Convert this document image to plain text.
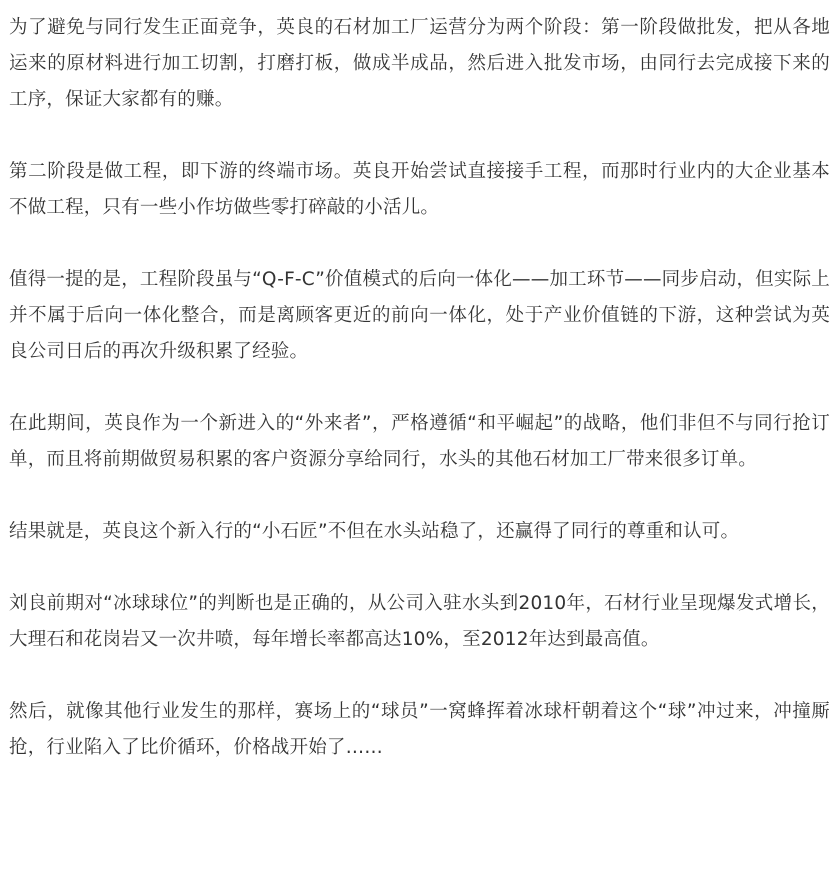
为了避免与同行发生正面竞争，英良的石材加工厂运营分为两个阶段：第一阶段做批发，把从各地运来的原材料进行加工切割，打磨打板，做成半成品，然后进入批发市场，由同行去完成接下来的工序，保证大家都有的赚。

第二阶段是做工程，即下游的终端市场。英良开始尝试直接接手工程，而那时行业内的大企业基本不做工程，只有一些小作坊做些零打碎敲的小活儿。

值得一提的是，工程阶段虽与“Q-F-C”价值模式的后向一体化——加工环节——同步启动，但实际上并不属于后向一体化整合，而是离顾客更近的前向一体化，处于产业价值链的下游，这种尝试为英良公司日后的再次升级积累了经验。

在此期间，英良作为一个新进入的“外来者”，严格遵循“和平崛起”的战略，他们非但不与同行抢订单，而且将前期做贸易积累的客户资源分享给同行，水头的其他石材加工厂带来很多订单。

结果就是，英良这个新入行的“小石匠”不但在水头站稳了，还赢得了同行的尊重和认可。

刘良前期对“冰球球位”的判断也是正确的，从公司入驻水头到2010年，石材行业呈现爆发式增长，大理石和花岗岩又一次井喷，每年增长率都高达10%，至2012年达到最高值。

然后，就像其他行业发生的那样，赛场上的“球员”一窝蜂挥着冰球杆朝着这个“球”冲过来，冲撞厮抢，行业陷入了比价循环，价格战开始了……
